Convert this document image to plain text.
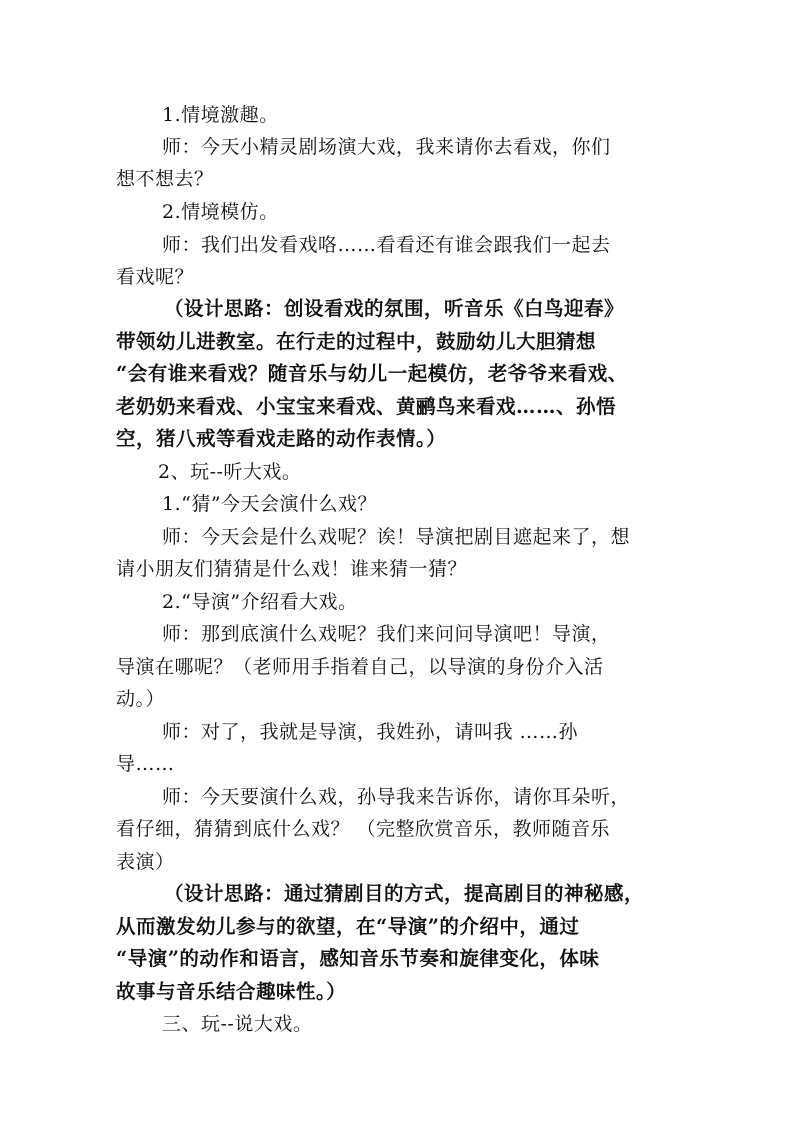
1.情境激趣。
师：今天小精灵剧场演大戏，我来请你去看戏，你们
想不想去？
2.情境模仿。
师：我们出发看戏咯……看看还有谁会跟我们一起去
看戏呢？
（设计思路：创设看戏的氛围，听音乐《白鸟迎春》
带领幼儿进教室。在行走的过程中，鼓励幼儿大胆猜想
“会有谁来看戏？随音乐与幼儿一起模仿，老爷爷来看戏、
老奶奶来看戏、小宝宝来看戏、黄鹂鸟来看戏……、孙悟
空，猪八戒等看戏走路的动作表情。）
2、玩--听大戏。
1.“猜”今天会演什么戏？
师：今天会是什么戏呢？诶！导演把剧目遮起来了，想
请小朋友们猜猜是什么戏！谁来猜一猜？
2.“导演”介绍看大戏。
师：那到底演什么戏呢？我们来问问导演吧！导演，
导演在哪呢？（老师用手指着自己，以导演的身份介入活
动。）
师：对了，我就是导演，我姓孙，请叫我 ……孙
导……
师：今天要演什么戏，孙导我来告诉你，请你耳朵听，
看仔细，猜猜到底什么戏？ （完整欣赏音乐，教师随音乐
表演）
（设计思路：通过猜剧目的方式，提高剧目的神秘感，
从而激发幼儿参与的欲望，在“导演”的介绍中，通过
“导演”的动作和语言，感知音乐节奏和旋律变化，体味
故事与音乐结合趣味性。）
三、玩--说大戏。
